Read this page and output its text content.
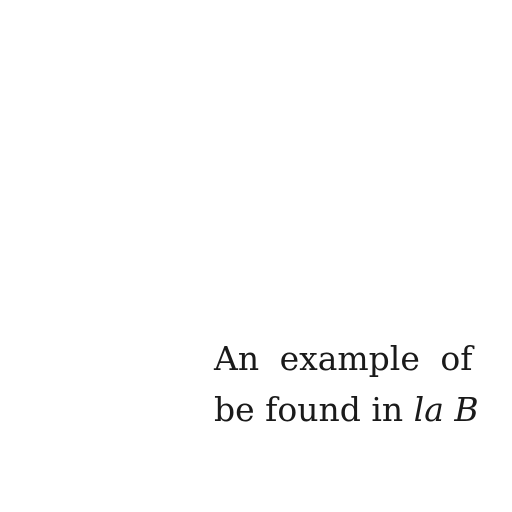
An example of
be found in la B
